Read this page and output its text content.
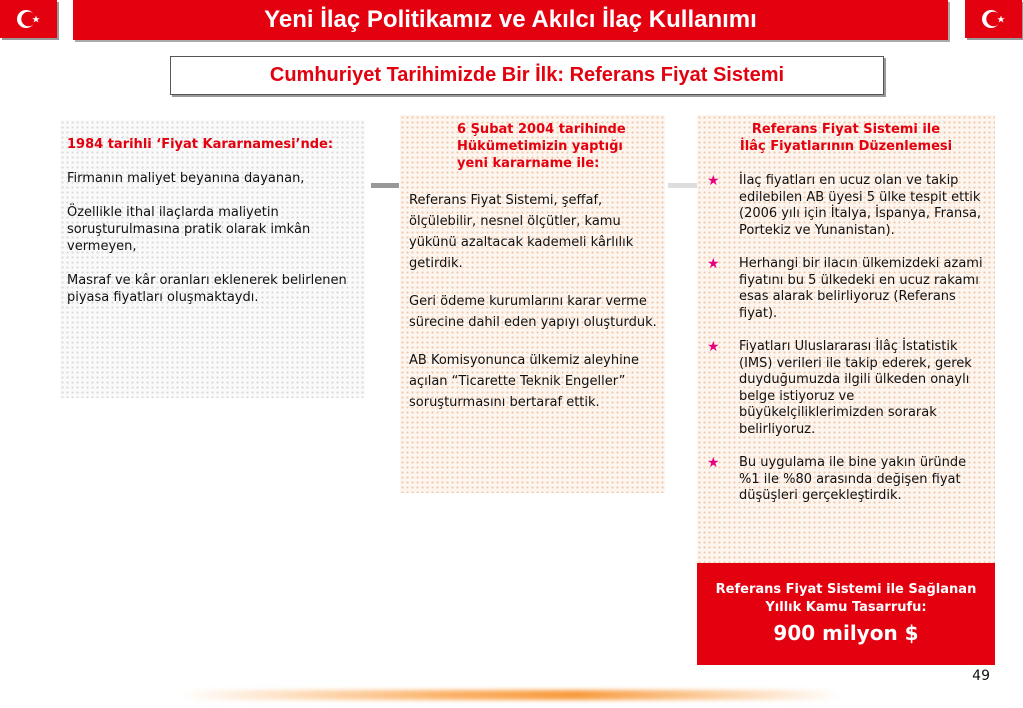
Yeni İlaç Politikamız ve Akılcı İlaç Kullanımı
Cumhuriyet Tarihimizde Bir İlk: Referans Fiyat Sistemi

1984 tarihli ‘Fiyat Kararnamesi’nde:

Firmanın maliyet beyanına dayanan,

Özellikle ithal ilaçlarda maliyetin soruşturulmasına pratik olarak imkân vermeyen,

Masraf ve kâr oranları eklenerek belirlenen piyasa fiyatları oluşmaktaydı.

6 Şubat 2004 tarihinde
Hükümetimizin yaptığı
yeni kararname ile:

Referans Fiyat Sistemi, şeffaf, ölçülebilir, nesnel ölçütler, kamu yükünü azaltacak kademeli kârlılık getirdik.

Geri ödeme kurumlarını karar verme sürecine dahil eden yapıyı oluşturduk.

AB Komisyonunca ülkemiz aleyhine açılan “Ticarette Teknik Engeller” soruşturmasını bertaraf ettik.

Referans Fiyat Sistemi ile
İlâç Fiyatlarının Düzenlemesi
★	İlaç fiyatları en ucuz olan ve takip edilebilen AB üyesi 5 ülke tespit ettik (2006 yılı için İtalya, İspanya, Fransa, Portekiz ve Yunanistan).
★	Herhangi bir ilacın ülkemizdeki azami fiyatını bu 5 ülkedeki en ucuz rakamı esas alarak belirliyoruz (Referans fiyat).
★	Fiyatları Uluslararası İlâç İstatistik (IMS) verileri ile takip ederek, gerek duyduğumuzda ilgili ülkeden onaylı belge istiyoruz ve büyükelçiliklerimizden sorarak belirliyoruz.
★	Bu uygulama ile bine yakın üründe %1 ile %80 arasında değişen fiyat düşüşleri gerçekleştirdik.
Referans Fiyat Sistemi ile Sağlanan Yıllık Kamu Tasarrufu:
900 milyon $
49
